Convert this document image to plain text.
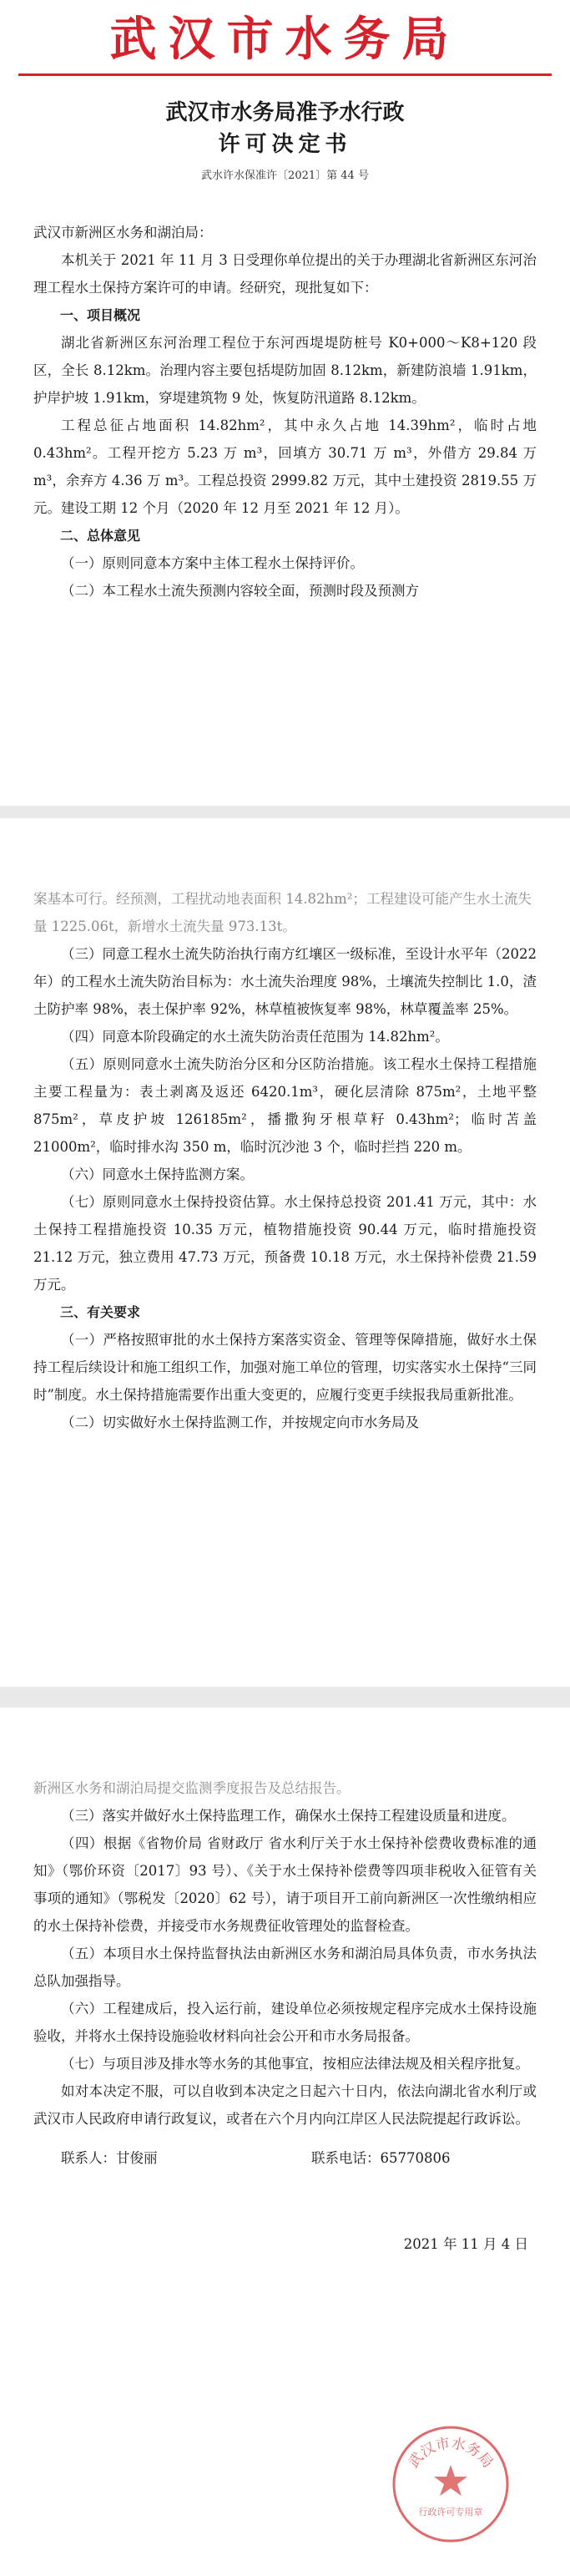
武汉市水务局
武汉市水务局准予水行政
许可决定书
武水许水保准许〔2021〕第 44 号

武汉市新洲区水务和湖泊局：

本机关于 2021 年 11 月 3 日受理你单位提出的关于办理湖北省新洲区东河治理工程水土保持方案许可的申请。经研究，现批复如下：

一、项目概况

湖北省新洲区东河治理工程位于东河西堤堤防桩号 K0+000～K8+120 段区，全长 8.12km。治理内容主要包括堤防加固 8.12km，新建防浪墙 1.91km，护岸护坡 1.91km，穿堤建筑物 9 处，恢复防汛道路 8.12km。

工程总征占地面积 14.82hm²，其中永久占地 14.39hm²，临时占地 0.43hm²。工程开挖方 5.23 万 m³，回填方 30.71 万 m³，外借方 29.84 万 m³，余弃方 4.36 万 m³。工程总投资 2999.82 万元，其中土建投资 2819.55 万元。建设工期 12 个月（2020 年 12 月至 2021 年 12 月）。

二、总体意见

（一）原则同意本方案中主体工程水土保持评价。

（二）本工程水土流失预测内容较全面，预测时段及预测方

案基本可行。经预测，工程扰动地表面积 14.82hm²；工程建设可能产生水土流失量 1225.06t，新增水土流失量 973.13t。

（三）同意工程水土流失防治执行南方红壤区一级标准，至设计水平年（2022 年）的工程水土流失防治目标为：水土流失治理度 98%，土壤流失控制比 1.0，渣土防护率 98%，表土保护率 92%，林草植被恢复率 98%，林草覆盖率 25%。

（四）同意本阶段确定的水土流失防治责任范围为 14.82hm²。

（五）原则同意水土流失防治分区和分区防治措施。该工程水土保持工程措施主要工程量为：表土剥离及返还 6420.1m³，硬化层清除 875m²，土地平整 875m²，草皮护坡 126185m²，播撒狗牙根草籽 0.43hm²；临时苫盖 21000m²，临时排水沟 350 m，临时沉沙池 3 个，临时拦挡 220 m。

（六）同意水土保持监测方案。

（七）原则同意水土保持投资估算。水土保持总投资 201.41 万元，其中：水土保持工程措施投资 10.35 万元，植物措施投资 90.44 万元，临时措施投资 21.12 万元，独立费用 47.73 万元，预备费 10.18 万元，水土保持补偿费 21.59 万元。

三、有关要求

（一）严格按照审批的水土保持方案落实资金、管理等保障措施，做好水土保持工程后续设计和施工组织工作，加强对施工单位的管理，切实落实水土保持“三同时”制度。水土保持措施需要作出重大变更的，应履行变更手续报我局重新批准。

（二）切实做好水土保持监测工作，并按规定向市水务局及

新洲区水务和湖泊局提交监测季度报告及总结报告。

（三）落实并做好水土保持监理工作，确保水土保持工程建设质量和进度。

（四）根据《省物价局 省财政厅 省水利厅关于水土保持补偿费收费标准的通知》（鄂价环资〔2017〕93 号）、《关于水土保持补偿费等四项非税收入征管有关事项的通知》（鄂税发〔2020〕62 号），请于项目开工前向新洲区一次性缴纳相应的水土保持补偿费，并接受市水务规费征收管理处的监督检查。

（五）本项目水土保持监督执法由新洲区水务和湖泊局具体负责，市水务执法总队加强指导。

（六）工程建成后，投入运行前，建设单位必须按规定程序完成水土保持设施验收，并将水土保持设施验收材料向社会公开和市水务局报备。

（七）与项目涉及排水等水务的其他事宜，按相应法律法规及相关程序批复。

如对本决定不服，可以自收到本决定之日起六十日内，依法向湖北省水利厅或武汉市人民政府申请行政复议，或者在六个月内向江岸区人民法院提起行政诉讼。

联系人：甘俊丽	联系电话：65770806
2021 年 11 月 4 日
武汉市水务局
行政许可专用章
